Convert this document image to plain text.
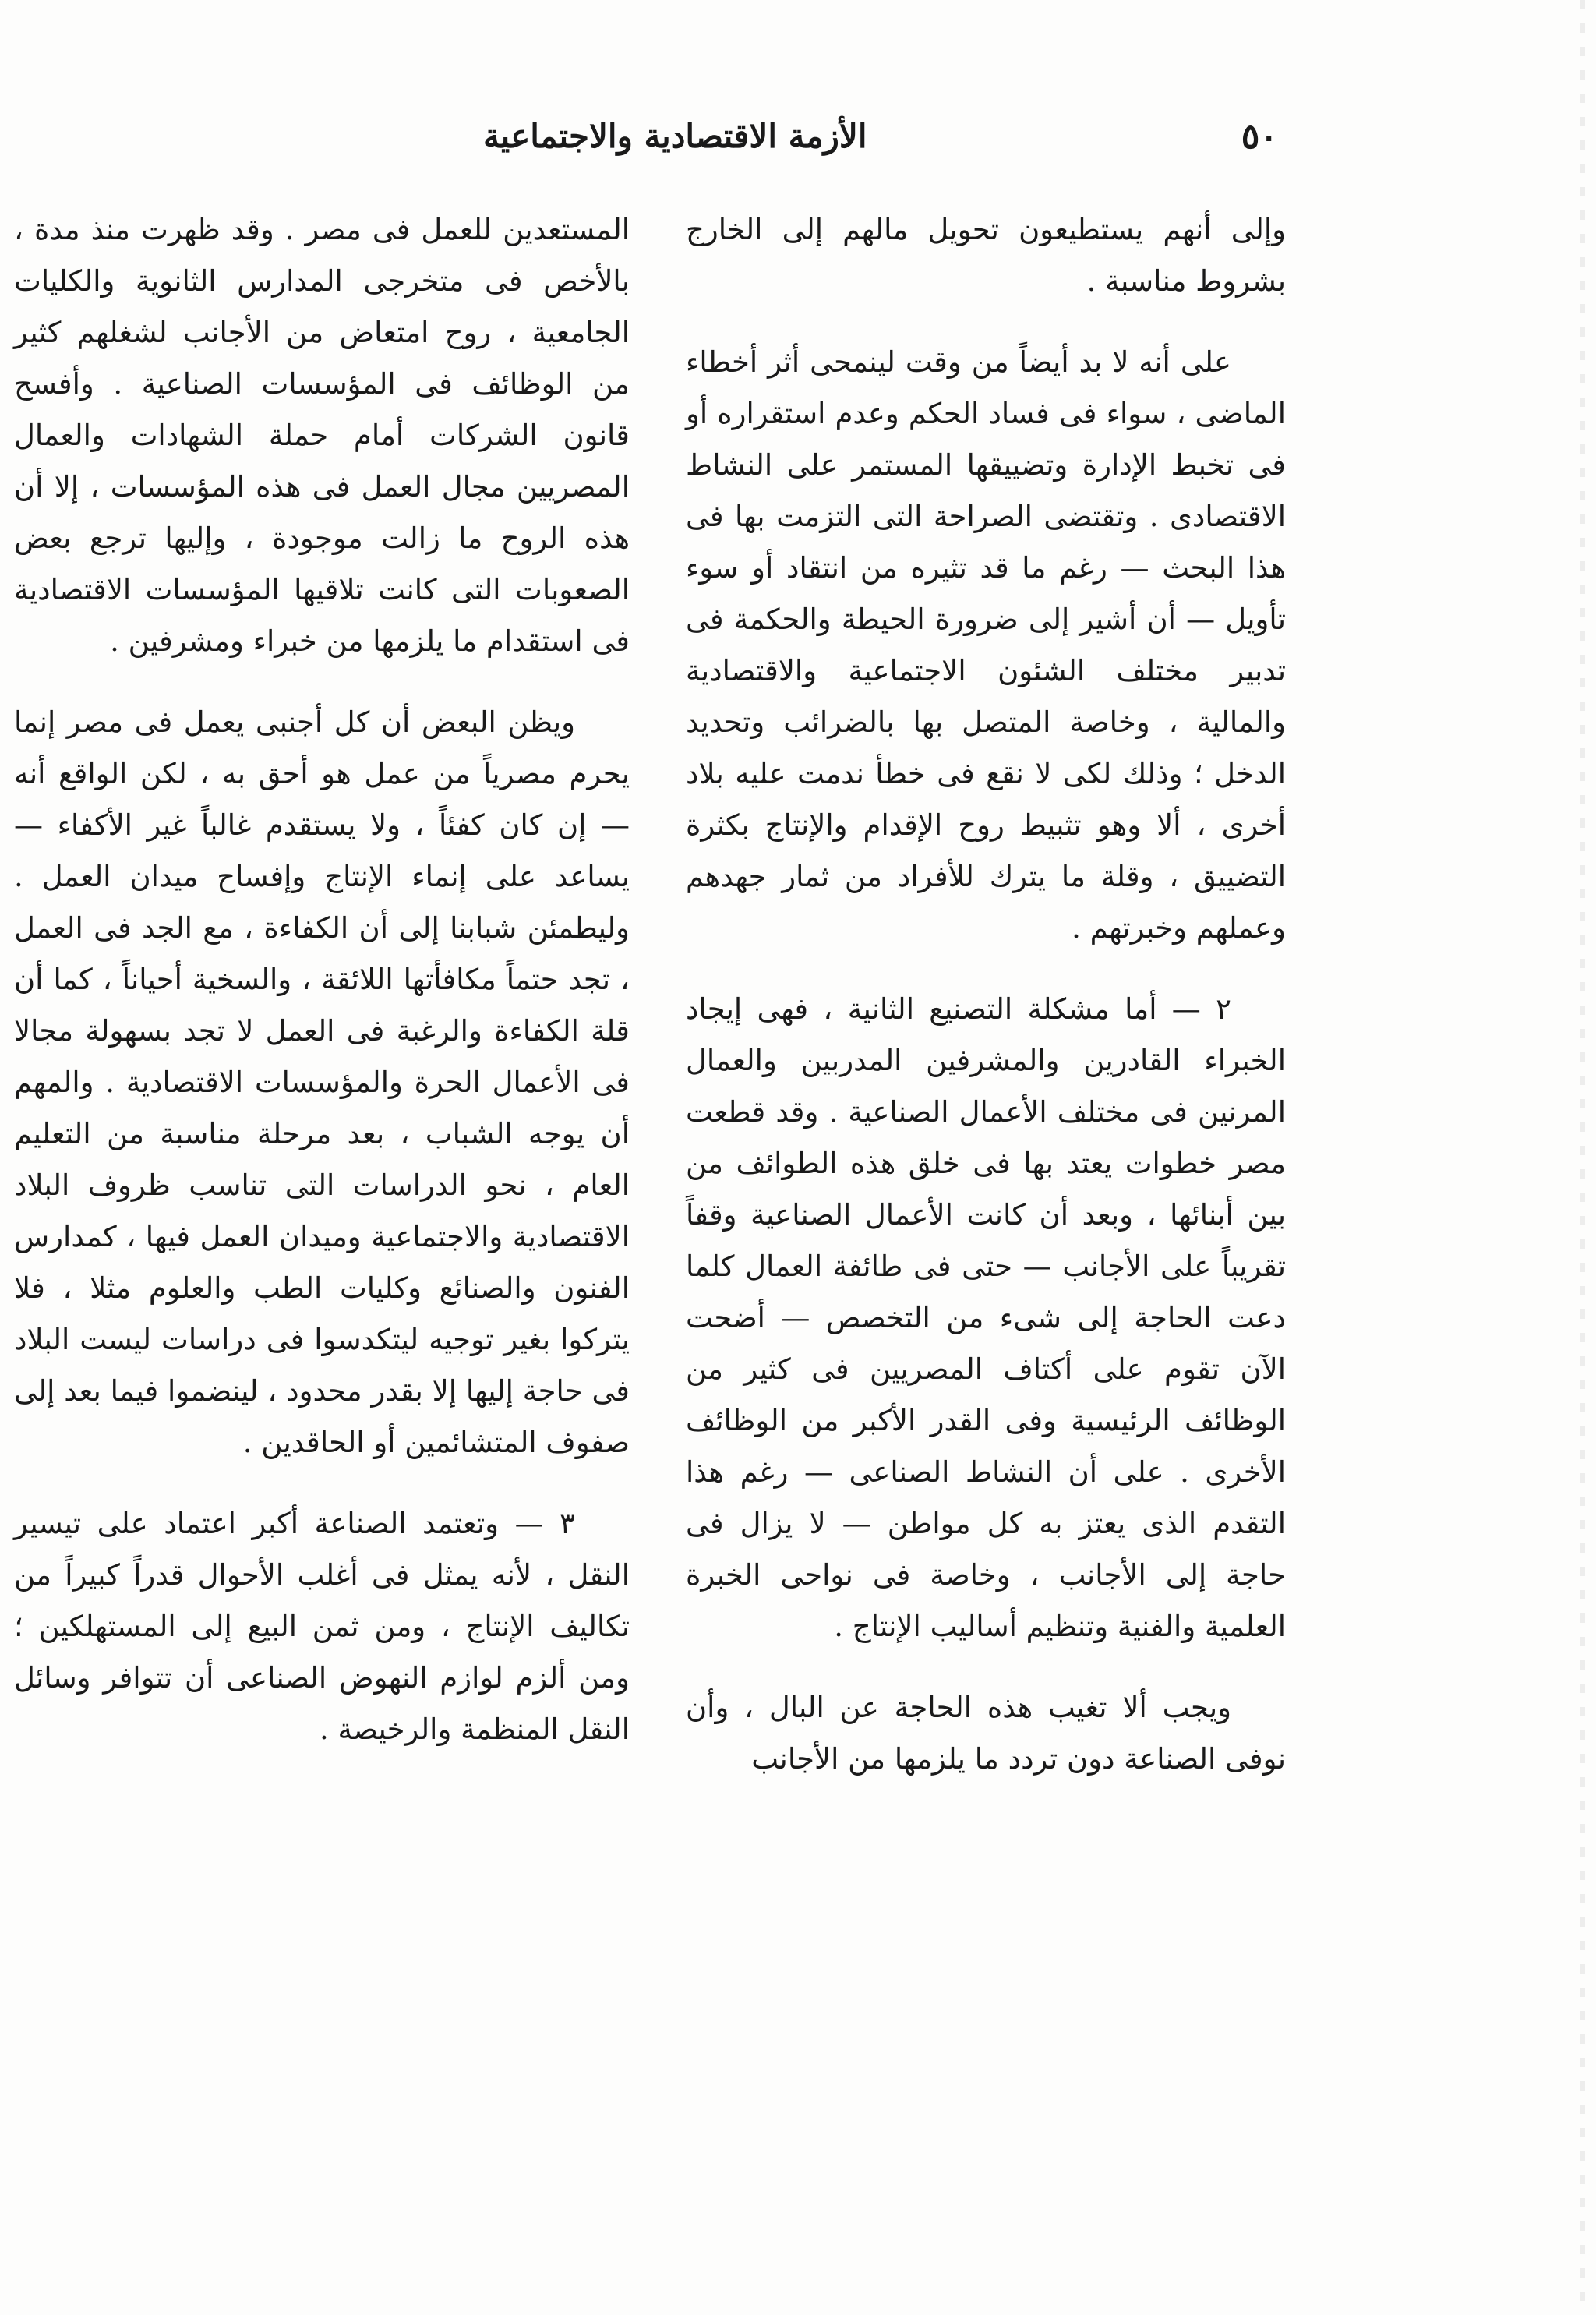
٥٠
الأزمة الاقتصادية والاجتماعية

وإلى أنهم يستطيعون تحويل مالهم إلى الخارج بشروط مناسبة .

على أنه لا بد أيضاً من وقت لينمحى أثر أخطاء الماضى ، سواء فى فساد الحكم وعدم استقراره أو فى تخبط الإدارة وتضييقها المستمر على النشاط الاقتصادى . وتقتضى الصراحة التى التزمت بها فى هذا البحث — رغم ما قد تثيره من انتقاد أو سوء تأويل — أن أشير إلى ضرورة الحيطة والحكمة فى تدبير مختلف الشئون الاجتماعية والاقتصادية والمالية ، وخاصة المتصل بها بالضرائب وتحديد الدخل ؛ وذلك لكى لا نقع فى خطأ ندمت عليه بلاد أخرى ، ألا وهو تثبيط روح الإقدام والإنتاج بكثرة التضييق ، وقلة ما يترك للأفراد من ثمار جهدهم وعملهم وخبرتهم .

٢ — أما مشكلة التصنيع الثانية ، فهى إيجاد الخبراء القادرين والمشرفين المدربين والعمال المرنين فى مختلف الأعمال الصناعية . وقد قطعت مصر خطوات يعتد بها فى خلق هذه الطوائف من بين أبنائها ، وبعد أن كانت الأعمال الصناعية وقفاً تقريباً على الأجانب — حتى فى طائفة العمال كلما دعت الحاجة إلى شىء من التخصص — أضحت الآن تقوم على أكتاف المصريين فى كثير من الوظائف الرئيسية وفى القدر الأكبر من الوظائف الأخرى . على أن النشاط الصناعى — رغم هذا التقدم الذى يعتز به كل مواطن — لا يزال فى حاجة إلى الأجانب ، وخاصة فى نواحى الخبرة العلمية والفنية وتنظيم أساليب الإنتاج .

ويجب ألا تغيب هذه الحاجة عن البال ، وأن نوفى الصناعة دون تردد ما يلزمها من الأجانب

المستعدين للعمل فى مصر . وقد ظهرت منذ مدة ، بالأخص فى متخرجى المدارس الثانوية والكليات الجامعية ، روح امتعاض من الأجانب لشغلهم كثير من الوظائف فى المؤسسات الصناعية . وأفسح قانون الشركات أمام حملة الشهادات والعمال المصريين مجال العمل فى هذه المؤسسات ، إلا أن هذه الروح ما زالت موجودة ، وإليها ترجع بعض الصعوبات التى كانت تلاقيها المؤسسات الاقتصادية فى استقدام ما يلزمها من خبراء ومشرفين .

ويظن البعض أن كل أجنبى يعمل فى مصر إنما يحرم مصرياً من عمل هو أحق به ، لكن الواقع أنه — إن كان كفئاً ، ولا يستقدم غالباً غير الأكفاء — يساعد على إنماء الإنتاج وإفساح ميدان العمل . وليطمئن شبابنا إلى أن الكفاءة ، مع الجد فى العمل ، تجد حتماً مكافأتها اللائقة ، والسخية أحياناً ، كما أن قلة الكفاءة والرغبة فى العمل لا تجد بسهولة مجالا فى الأعمال الحرة والمؤسسات الاقتصادية . والمهم أن يوجه الشباب ، بعد مرحلة مناسبة من التعليم العام ، نحو الدراسات التى تناسب ظروف البلاد الاقتصادية والاجتماعية وميدان العمل فيها ، كمدارس الفنون والصنائع وكليات الطب والعلوم مثلا ، فلا يتركوا بغير توجيه ليتكدسوا فى دراسات ليست البلاد فى حاجة إليها إلا بقدر محدود ، لينضموا فيما بعد إلى صفوف المتشائمين أو الحاقدين .

٣ — وتعتمد الصناعة أكبر اعتماد على تيسير النقل ، لأنه يمثل فى أغلب الأحوال قدراً كبيراً من تكاليف الإنتاج ، ومن ثمن البيع إلى المستهلكين ؛ ومن ألزم لوازم النهوض الصناعى أن تتوافر وسائل النقل المنظمة والرخيصة .
